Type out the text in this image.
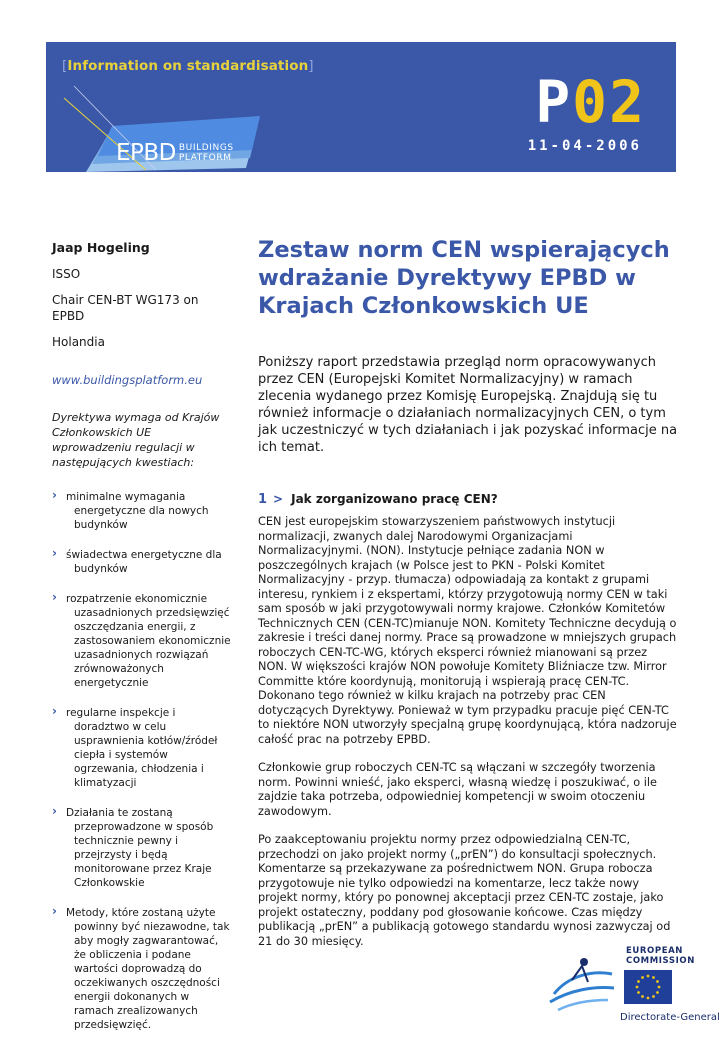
[Information on standardisation]
EPBD BUILDINGS
PLATFORM
P02
11-04-2006
Jaap Hogeling
ISSO
Chair CEN-BT WG173 on EPBD
Holandia
www.buildingsplatform.eu
Dyrektywa wymaga od Krajów Członkowskich UE wprowadzeniu regulacji w następujących kwestiach:
› minimalne wymagania
energetyczne dla nowych budynków
› świadectwa energetyczne dla
budynków
› rozpatrzenie ekonomicznie
uzasadnionych przedsięwzięć oszczędzania energii, z zastosowaniem ekonomicznie uzasadnionych rozwiązań zrównoważonych energetycznie
› regularne inspekcje i
doradztwo w celu usprawnienia kotłów/źródeł ciepła i systemów ogrzewania, chłodzenia i klimatyzacji
› Działania te zostaną
przeprowadzone w sposób technicznie pewny i przejrzysty i będą monitorowane przez Kraje Członkowskie
› Metody, które zostaną użyte
powinny być niezawodne, tak aby mogły zagwarantować, że obliczenia i podane wartości doprowadzą do oczekiwanych oszczędności energii dokonanych w ramach zrealizowanych przedsięwzięć.
Zestaw norm CEN wspierających wdrażanie Dyrektywy EPBD w Krajach Członkowskich UE

Poniższy raport przedstawia przegląd norm opracowywanych przez CEN (Europejski Komitet Normalizacyjny) w ramach zlecenia wydanego przez Komisję Europejską. Znajdują się tu również informacje o działaniach normalizacyjnych CEN, o tym jak uczestniczyć w tych działaniach i jak pozyskać informacje na ich temat.

1 > Jak zorganizowano pracę CEN?

CEN jest europejskim stowarzyszeniem państwowych instytucji normalizacji, zwanych dalej Narodowymi Organizacjami Normalizacyjnymi. (NON). Instytucje pełniące zadania NON w poszczególnych krajach (w Polsce jest to PKN - Polski Komitet Normalizacyjny - przyp. tłumacza) odpowiadają za kontakt z grupami interesu, rynkiem i z ekspertami, którzy przygotowują normy CEN w taki sam sposób w jaki przygotowywali normy krajowe. Członków Komitetów Technicznych CEN (CEN-TC)mianuje NON. Komitety Techniczne decydują o zakresie i treści danej normy. Prace są prowadzone w mniejszych grupach roboczych CEN-TC-WG, których eksperci również mianowani są przez NON. W większości krajów NON powołuje Komitety Bliźniacze tzw. Mirror Committe które koordynują, monitorują i wspierają pracę CEN-TC. Dokonano tego również w kilku krajach na potrzeby prac CEN dotyczących Dyrektywy. Ponieważ w tym przypadku pracuje pięć CEN-TC to niektóre NON utworzyły specjalną grupę koordynującą, która nadzoruje całość prac na potrzeby EPBD.

Członkowie grup roboczych CEN-TC są włączani w szczegóły tworzenia norm. Powinni wnieść, jako eksperci, własną wiedzę i poszukiwać, o ile zajdzie taka potrzeba, odpowiedniej kompetencji w swoim otoczeniu zawodowym.

Po zaakceptowaniu projektu normy przez odpowiedzialną CEN-TC, przechodzi on jako projekt normy („prEN”) do konsultacji społecznych. Komentarze są przekazywane za pośrednictwem NON. Grupa robocza przygotowuje nie tylko odpowiedzi na komentarze, lecz także nowy projekt normy, który po ponownej akceptacji przez CEN-TC zostaje, jako projekt ostateczny, poddany pod głosowanie końcowe. Czas między publikacją „prEN” a publikacją gotowego standardu wynosi zazwyczaj od 21 do 30 miesięcy.

EUROPEAN
COMMISSION
Directorate-General
